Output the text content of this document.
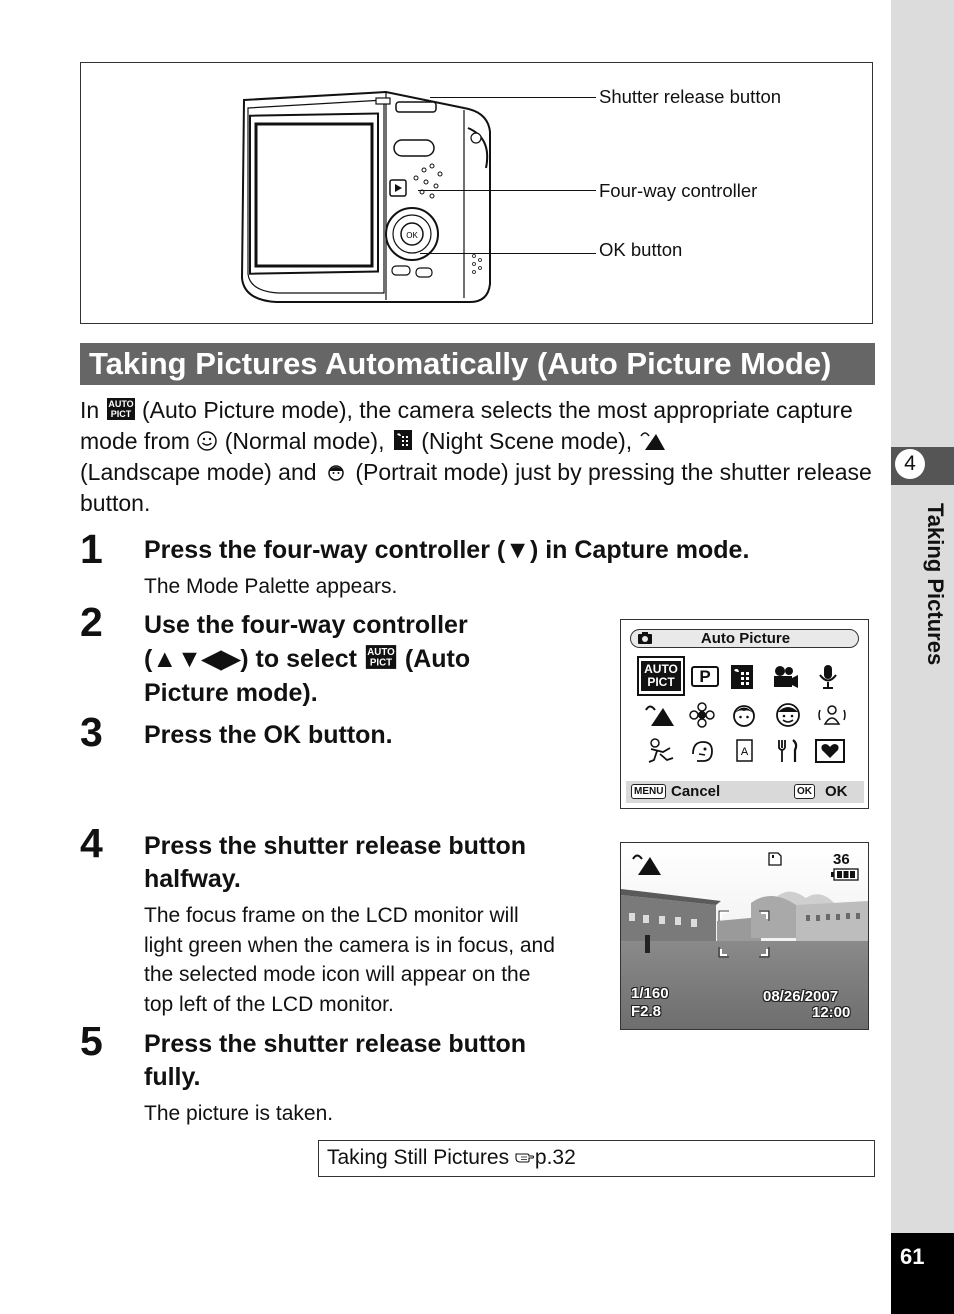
OK
Shutter release button
Four-way controller
OK button
Taking Pictures Automatically (Auto Picture Mode)
In AUTO
PICT (Auto Picture mode), the camera selects the most appropriate capture mode from (Normal mode), (Night Scene mode),
(Landscape mode) and (Portrait mode) just by pressing the shutter release button.
1 Press the four-way controller (▼) in Capture mode.
The Mode Palette appears.
2 Use the four-way controller
(▲▼◀▶) to select AUTO
PICT (Auto
Picture mode).
3 Press the OK button.
Auto Picture
AUTO PICT	P
A
MENU Cancel	OK OK
4 Press the shutter release button
halfway.
The focus frame on the LCD monitor will
light green when the camera is in focus, and
the selected mode icon will appear on the
top left of the LCD monitor.
36
1/160
F2.8
08/26/2007
12:00
5 Press the shutter release button
fully.
The picture is taken.
Taking Still Pictures p.32
4
Taking Pictures
61
